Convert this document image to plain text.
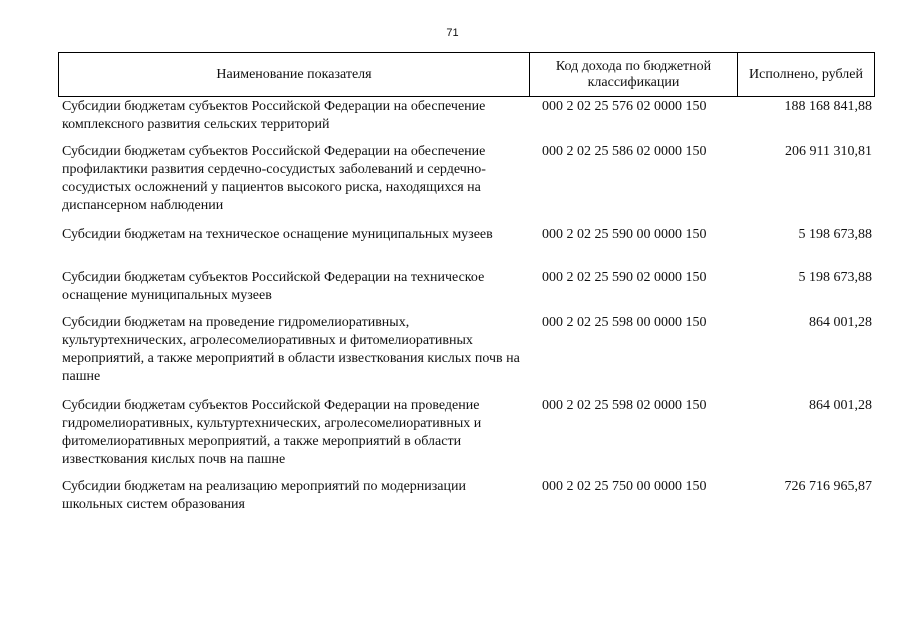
71
Наименование показателя
Код дохода по бюджетной классификации
Исполнено, рублей
Субсидии бюджетам субъектов Российской Федерации на обеспечение комплексного развития сельских территорий
000 2 02 25 576 02 0000 150	188 168 841,88
Субсидии бюджетам субъектов Российской Федерации на обеспечение профилактики развития сердечно-сосудистых заболеваний и сердечно-сосудистых осложнений у пациентов высокого риска, находящихся на диспансерном наблюдении
000 2 02 25 586 02 0000 150	206 911 310,81
Субсидии бюджетам на техническое оснащение муниципальных музеев	000 2 02 25 590 00 0000 150	5 198 673,88
Субсидии бюджетам субъектов Российской Федерации на техническое оснащение муниципальных музеев
000 2 02 25 590 02 0000 150	5 198 673,88
Субсидии бюджетам на проведение гидромелиоративных, культуртехнических, агролесомелиоративных и фитомелиоративных мероприятий, а также мероприятий в области известкования кислых почв на пашне
000 2 02 25 598 00 0000 150	864 001,28
Субсидии бюджетам субъектов Российской Федерации на проведение гидромелиоративных, культуртехнических, агролесомелиоративных и фитомелиоративных мероприятий, а также мероприятий в области известкования кислых почв на пашне
000 2 02 25 598 02 0000 150	864 001,28
Субсидии бюджетам на реализацию мероприятий по модернизации школьных систем образования
000 2 02 25 750 00 0000 150	726 716 965,87
